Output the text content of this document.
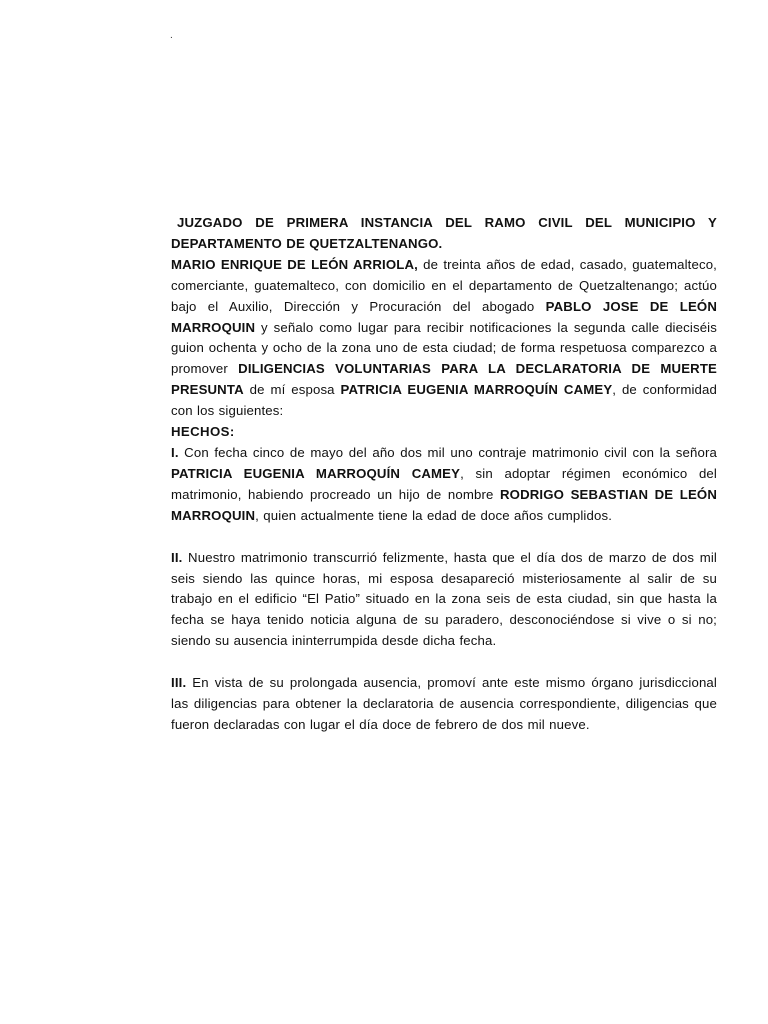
.

JUZGADO DE PRIMERA INSTANCIA DEL RAMO CIVIL DEL MUNICIPIO Y DEPARTAMENTO DE QUETZALTENANGO.

MARIO ENRIQUE DE LEÓN ARRIOLA, de treinta años de edad, casado, guatemalteco, comerciante, guatemalteco, con domicilio en el departamento de Quetzaltenango; actúo bajo el Auxilio, Dirección y Procuración del abogado PABLO JOSE DE LEÓN MARROQUIN y señalo como lugar para recibir notificaciones la segunda calle dieciséis guion ochenta y ocho de la zona uno de esta ciudad; de forma respetuosa comparezco a promover DILIGENCIAS VOLUNTARIAS PARA LA DECLARATORIA DE MUERTE PRESUNTA de mí esposa PATRICIA EUGENIA MARROQUÍN CAMEY, de conformidad con los siguientes:

HECHOS:

I. Con fecha cinco de mayo del año dos mil uno contraje matrimonio civil con la señora PATRICIA EUGENIA MARROQUÍN CAMEY, sin adoptar régimen económico del matrimonio, habiendo procreado un hijo de nombre RODRIGO SEBASTIAN DE LEÓN MARROQUIN, quien actualmente tiene la edad de doce años cumplidos.

II. Nuestro matrimonio transcurrió felizmente, hasta que el día dos de marzo de dos mil seis siendo las quince horas, mi esposa desapareció misteriosamente al salir de su trabajo en el edificio “El Patio” situado en la zona seis de esta ciudad, sin que hasta la fecha se haya tenido noticia alguna de su paradero, desconociéndose si vive o si no; siendo su ausencia ininterrumpida desde dicha fecha.

III. En vista de su prolongada ausencia, promoví ante este mismo órgano jurisdiccional las diligencias para obtener la declaratoria de ausencia correspondiente, diligencias que fueron declaradas con lugar el día doce de febrero de dos mil nueve.
